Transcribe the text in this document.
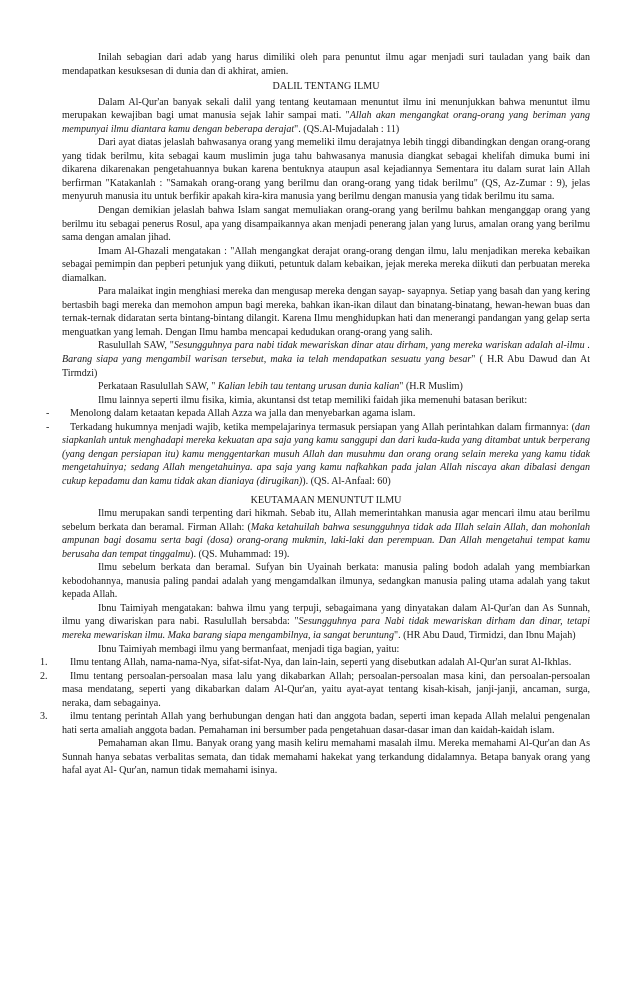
Inilah sebagian dari adab yang harus dimiliki oleh para penuntut ilmu agar menjadi suri tauladan yang baik dan mendapatkan kesuksesan di dunia dan di akhirat, amien.

DALIL TENTANG ILMU

Dalam Al-Qur'an banyak sekali dalil yang tentang keutamaan menuntut ilmu ini menunjukkan bahwa menuntut ilmu merupakan kewajiban bagi umat manusia sejak lahir sampai mati. "Allah akan mengangkat orang-orang yang beriman yang mempunyai ilmu diantara kamu dengan beberapa derajat". (QS.Al-Mujadalah : 11)

Dari ayat diatas jelaslah bahwasanya orang yang memeliki ilmu derajatnya lebih tinggi dibandingkan dengan orang-orang yang tidak berilmu, kita sebagai kaum muslimin juga tahu bahwasanya manusia diangkat sebagai khelifah dimuka bumi ini dikarena dikarenakan pengetahuannya bukan karena bentuknya ataupun asal kejadiannya Sementara itu dalam surat lain Allah berfirman "Katakanlah : "Samakah orang-orang yang berilmu dan orang-orang yang tidak berilmu" (QS, Az-Zumar : 9), jelas menyuruh manusia itu untuk berfikir apakah kira-kira manusia yang berilmu dengan manusia yang tidak berilmu itu sama.

Dengan demikian jelaslah bahwa Islam sangat memuliakan orang-orang yang berilmu bahkan menganggap orang yang berilmu itu sebagai penerus Rosul, apa yang disampaikannya akan menjadi penerang jalan yang lurus, amalan orang yang berilmu sama dengan amalan jihad.

Imam Al-Ghazali mengatakan : "Allah mengangkat derajat orang-orang dengan ilmu, lalu menjadikan mereka kebaikan sebagai pemimpin dan pepberi petunjuk yang diikuti, petuntuk dalam kebaikan, jejak mereka mereka diikuti dan perbuatan mereka diamalkan.

Para malaikat ingin menghiasi mereka dan mengusap mereka dengan sayap- sayapnya. Setiap yang basah dan yang kering bertasbih bagi mereka dan memohon ampun bagi mereka, bahkan ikan-ikan dilaut dan binatang-binatang, hewan-hewan buas dan ternak-ternak didaratan serta bintang-bintang dilangit. Karena Ilmu menghidupkan hati dan menerangi pandangan yang gelap serta menguatkan yang lemah. Dengan Ilmu hamba mencapai kedudukan orang-orang yang salih.

Rasulullah SAW, "Sesungguhnya para nabi tidak mewariskan dinar atau dirham, yang mereka wariskan adalah al-ilmu . Barang siapa yang mengambil warisan tersebut, maka ia telah mendapatkan sesuatu yang besar" ( H.R Abu Dawud dan At Tirmdzi)

Perkataan Rasulullah SAW, " Kalian lebih tau tentang urusan dunia kalian" (H.R Muslim)

Ilmu lainnya seperti ilmu fisika, kimia, akuntansi dst tetap memiliki faidah jika memenuhi batasan berikut:

-	Menolong dalam ketaatan kepada Allah Azza wa jalla dan menyebarkan agama islam.

-	Terkadang hukumnya menjadi wajib, ketika mempelajarinya termasuk persiapan yang Allah perintahkan dalam firmannya: (dan siapkanlah untuk menghadapi mereka kekuatan apa saja yang kamu sanggupi dan dari kuda-kuda yang ditambat untuk berperang (yang dengan persiapan itu) kamu menggentarkan musuh Allah dan musuhmu dan orang orang selain mereka yang kamu tidak mengetahuinya; sedang Allah mengetahuinya. apa saja yang kamu nafkahkan pada jalan Allah niscaya akan dibalasi dengan cukup kepadamu dan kamu tidak akan dianiaya (dirugikan)). (QS. Al-Anfaal: 60)

KEUTAMAAN MENUNTUT ILMU

Ilmu merupakan sandi terpenting dari hikmah. Sebab itu, Allah memerintahkan manusia agar mencari ilmu atau berilmu sebelum berkata dan beramal. Firman Allah: (Maka ketahuilah bahwa sesungguhnya tidak ada Illah selain Allah, dan mohonlah ampunan bagi dosamu serta bagi (dosa) orang-orang mukmin, laki-laki dan perempuan. Dan Allah mengetahui tempat kamu berusaha dan tempat tinggalmu). (QS. Muhammad: 19).

Ilmu sebelum berkata dan beramal. Sufyan bin Uyainah berkata: manusia paling bodoh adalah yang membiarkan kebodohannya, manusia paling pandai adalah yang mengamdalkan ilmunya, sedangkan manusia paling utama adalah yang takut kepada Allah.

Ibnu Taimiyah mengatakan: bahwa ilmu yang terpuji, sebagaimana yang dinyatakan dalam Al-Qur'an dan As Sunnah, ilmu yang diwariskan para nabi. Rasulullah bersabda: "Sesungguhnya para Nabi tidak mewariskan dirham dan dinar, tetapi mereka mewariskan ilmu. Maka barang siapa mengambilnya, ia sangat beruntung". (HR Abu Daud, Tirmidzi, dan Ibnu Majah)

Ibnu Taimiyah membagi ilmu yang bermanfaat, menjadi tiga bagian, yaitu:

1.	Ilmu tentang Allah, nama-nama-Nya, sifat-sifat-Nya, dan lain-lain, seperti yang disebutkan adalah Al-Qur'an surat Al-Ikhlas.

2.	Ilmu tentang persoalan-persoalan masa lalu yang dikabarkan Allah; persoalan-persoalan masa kini, dan persoalan-persoalan masa mendatang, seperti yang dikabarkan dalam Al-Qur'an, yaitu ayat-ayat tentang kisah-kisah, janji-janji, ancaman, surga, neraka, dam sebagainya.

3.	ilmu tentang perintah Allah yang berhubungan dengan hati dan anggota badan, seperti iman kepada Allah melalui pengenalan hati serta amaliah anggota badan. Pemahaman ini bersumber pada pengetahuan dasar-dasar iman dan kaidah-kaidah islam.

Pemahaman akan Ilmu. Banyak orang yang masih keliru memahami masalah ilmu. Mereka memahami Al-Qur'an dan As Sunnah hanya sebatas verbalitas semata, dan tidak memahami hakekat yang terkandung didalamnya. Betapa banyak orang yang hafal ayat Al- Qur'an, namun tidak memahami isinya.
